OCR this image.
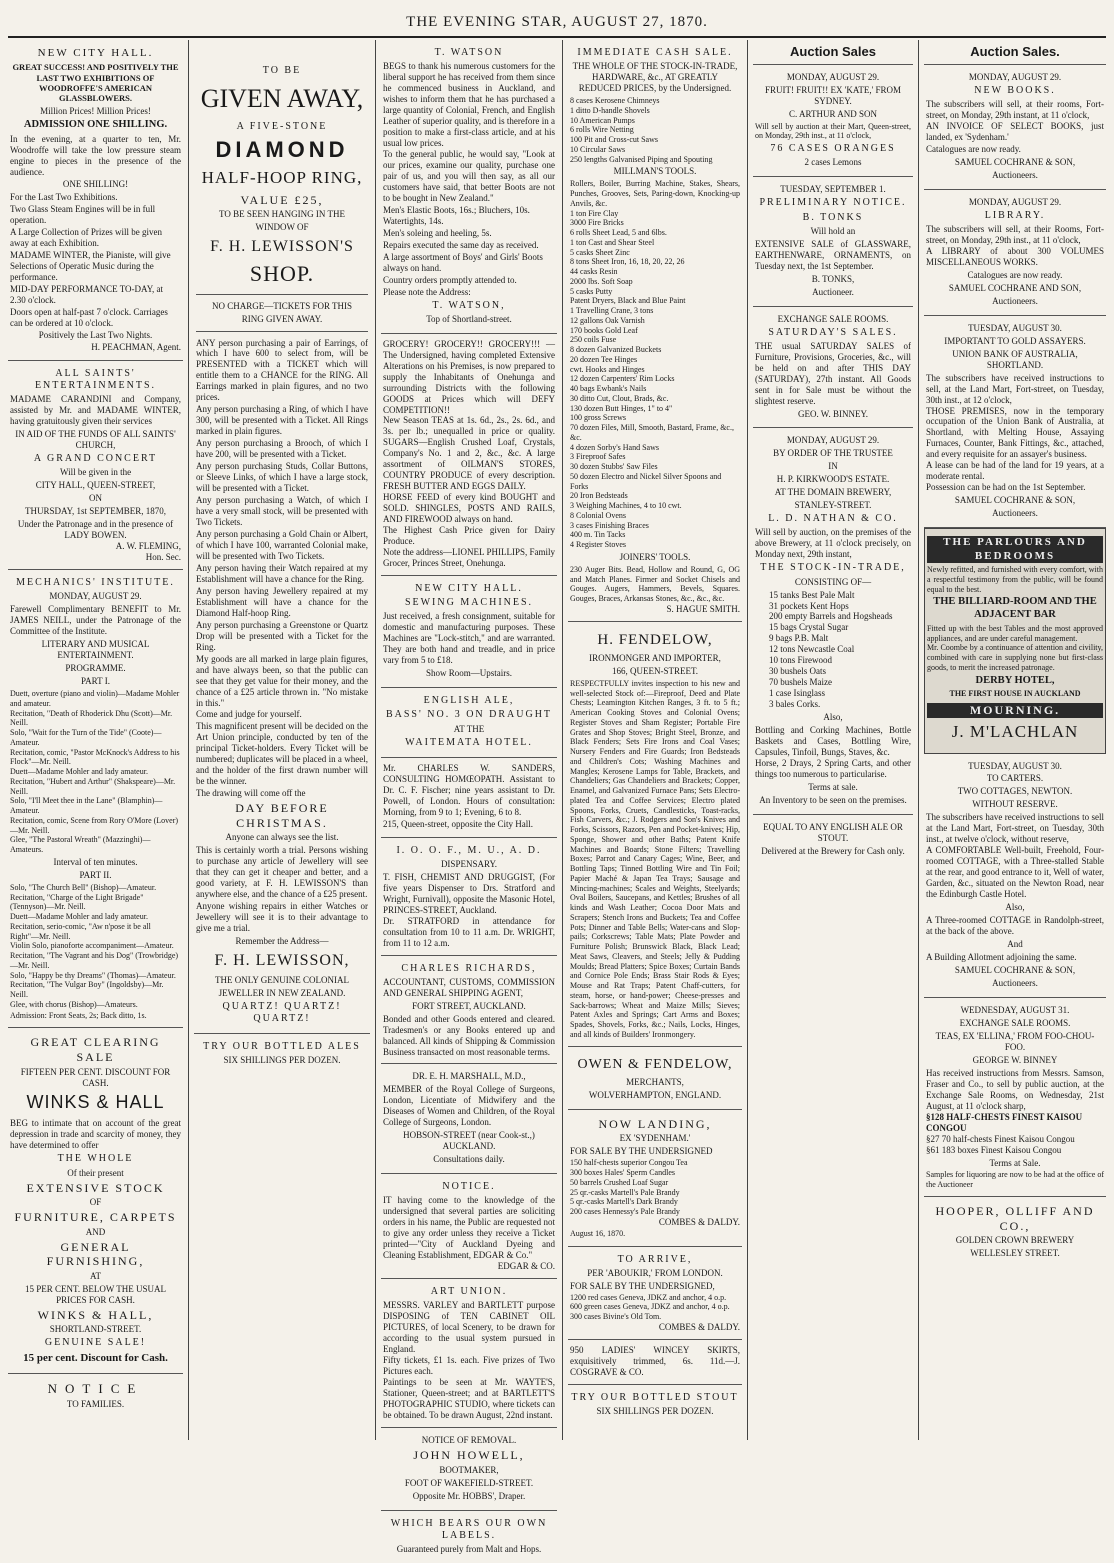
THE EVENING STAR, AUGUST 27, 1870.
NEW CITY HALL.
GREAT SUCCESS! AND POSITIVELY THE LAST TWO EXHIBITIONS OF WOODROFFE'S AMERICAN GLASSBLOWERS.
Million Prices! Million Prices!
ADMISSION ONE SHILLING.
In the evening, at a quarter to ten, Mr. Woodroffe will take the low pressure steam engine to pieces in the presence of the audience.
ONE SHILLING!
For the Last Two Exhibitions.
Two Glass Steam Engines will be in full operation.
A Large Collection of Prizes will be given away at each Exhibition.
MADAME WINTER, the Pianiste, will give Selections of Operatic Music during the performance.
MID-DAY PERFORMANCE TO-DAY, at 2.30 o'clock.
Doors open at half-past 7 o'clock. Carriages can be ordered at 10 o'clock.
Positively the Last Two Nights.
H. PEACHMAN, Agent.
ALL SAINTS' ENTERTAINMENTS.
MADAME CARANDINI and Company, assisted by Mr. and MADAME WINTER, having gratuitously given their services
IN AID OF THE FUNDS OF ALL SAINTS' CHURCH,
A GRAND CONCERT
Will be given in the
CITY HALL, QUEEN-STREET,
ON
THURSDAY, 1st SEPTEMBER, 1870,
Under the Patronage and in the presence of LADY BOWEN.
A. W. FLEMING,
Hon. Sec.
MECHANICS' INSTITUTE.
MONDAY, AUGUST 29.
Farewell Complimentary BENEFIT to Mr. JAMES NEILL, under the Patronage of the Committee of the Institute.
LITERARY AND MUSICAL ENTERTAINMENT.
PROGRAMME.
PART I.
Duett, overture (piano and violin)—Madame Mohler and amateur.
Recitation, "Death of Rhoderick Dhu (Scott)—Mr. Neill.
Solo, "Wait for the Turn of the Tide" (Coote)—Amateur.
Recitation, comic, "Pastor McKnock's Address to his Flock"—Mr. Neill.
Duett—Madame Mohler and lady amateur.
Recitation, "Hubert and Arthur" (Shakspeare)—Mr. Neill.
Solo, "I'll Meet thee in the Lane" (Blamphin)—Amateur.
Recitation, comic, Scene from Rory O'More (Lover)—Mr. Neill.
Glee, "The Pastoral Wreath" (Mazzinghi)—Amateurs.
Interval of ten minutes.
PART II.
Solo, "The Church Bell" (Bishop)—Amateur.
Recitation, "Charge of the Light Brigade" (Tennyson)—Mr. Neill.
Duett—Madame Mohler and lady amateur.
Recitation, serio-comic, "Aw n'pose it be all Right"—Mr. Neill.
Violin Solo, pianoforte accompaniment—Amateur.
Recitation, "The Vagrant and his Dog" (Trowbridge)—Mr. Neill.
Solo, "Happy be thy Dreams" (Thomas)—Amateur.
Recitation, "The Vulgar Boy" (Ingoldsby)—Mr. Neill.
Glee, with chorus (Bishop)—Amateurs.
Admission: Front Seats, 2s; Back ditto, 1s.
GREAT CLEARING SALE
FIFTEEN PER CENT. DISCOUNT FOR CASH.
WINKS & HALL
BEG to intimate that on account of the great depression in trade and scarcity of money, they have determined to offer
THE WHOLE
Of their present
EXTENSIVE STOCK
OF
FURNITURE, CARPETS
AND
GENERAL FURNISHING,
AT
15 PER CENT. BELOW THE USUAL PRICES FOR CASH.
WINKS & HALL,
SHORTLAND-STREET.
GENUINE SALE!
15 per cent. Discount for Cash.
NOTICE
TO FAMILIES.
TO BE
GIVEN AWAY,
A FIVE-STONE
DIAMOND
HALF-HOOP RING,
VALUE £25,
TO BE SEEN HANGING IN THE
WINDOW OF
F. H. LEWISSON'S
SHOP.
NO CHARGE—TICKETS FOR THIS
RING GIVEN AWAY.
ANY person purchasing a pair of Earrings, of which I have 600 to select from, will be PRESENTED with a TICKET which will entitle them to a CHANCE for the RING. All Earrings marked in plain figures, and no two prices.
Any person purchasing a Ring, of which I have 300, will be presented with a Ticket. All Rings marked in plain figures.
Any person purchasing a Brooch, of which I have 200, will be presented with a Ticket.
Any person purchasing Studs, Collar Buttons, or Sleeve Links, of which I have a large stock, will be presented with a Ticket.
Any person purchasing a Watch, of which I have a very small stock, will be presented with Two Tickets.
Any person purchasing a Gold Chain or Albert, of which I have 100, warranted Colonial make, will be presented with Two Tickets.
Any person having their Watch repaired at my Establishment will have a chance for the Ring.
Any person having Jewellery repaired at my Establishment will have a chance for the Diamond Half-hoop Ring.
Any person purchasing a Greenstone or Quartz Drop will be presented with a Ticket for the Ring.
My goods are all marked in large plain figures, and have always been, so that the public can see that they get value for their money, and the chance of a £25 article thrown in. "No mistake in this."
Come and judge for yourself.
This magnificent present will be decided on the Art Union principle, conducted by ten of the principal Ticket-holders. Every Ticket will be numbered; duplicates will be placed in a wheel, and the holder of the first drawn number will be the winner.
The drawing will come off the
DAY BEFORE CHRISTMAS.
Anyone can always see the list.
This is certainly worth a trial. Persons wishing to purchase any article of Jewellery will see that they can get it cheaper and better, and a good variety, at F. H. LEWISSON'S than anywhere else, and the chance of a £25 present.
Anyone wishing repairs in either Watches or Jewellery will see it is to their advantage to give me a trial.
Remember the Address—
F. H. LEWISSON,
THE ONLY GENUINE COLONIAL
JEWELLER IN NEW ZEALAND.
QUARTZ! QUARTZ! QUARTZ!
TRY OUR BOTTLED ALES
SIX SHILLINGS PER DOZEN.
T. WATSON
BEGS to thank his numerous customers for the liberal support he has received from them since he commenced business in Auckland, and wishes to inform them that he has purchased a large quantity of Colonial, French, and English Leather of superior quality, and is therefore in a position to make a first-class article, and at his usual low prices.
To the general public, he would say, "Look at our prices, examine our quality, purchase one pair of us, and you will then say, as all our customers have said, that better Boots are not to be bought in New Zealand."
Men's Elastic Boots, 16s.; Bluchers, 10s. Watertights, 14s.
Men's soleing and heeling, 5s.
Repairs executed the same day as received.
A large assortment of Boys' and Girls' Boots always on hand.
Country orders promptly attended to.
Please note the Address:
T. WATSON,
Top of Shortland-street.
GROCERY! GROCERY!! GROCERY!!! —The Undersigned, having completed Extensive Alterations on his Premises, is now prepared to supply the Inhabitants of Onehunga and surrounding Districts with the following GOODS at Prices which will DEFY COMPETITION!!
New Season TEAS at 1s. 6d., 2s., 2s. 6d., and 3s. per lb.; unequalled in price or quality. SUGARS—English Crushed Loaf, Crystals, Company's No. 1 and 2, &c., &c. A large assortment of OILMAN'S STORES, COUNTRY PRODUCE of every description. FRESH BUTTER AND EGGS DAILY.
HORSE FEED of every kind BOUGHT and SOLD. SHINGLES, POSTS AND RAILS, AND FIREWOOD always on hand.
The Highest Cash Price given for Dairy Produce.
Note the address—LIONEL PHILLIPS, Family Grocer, Princes Street, Onehunga.
NEW CITY HALL.
SEWING MACHINES.
Just received, a fresh consignment, suitable for domestic and manufacturing purposes. These Machines are "Lock-stitch," and are warranted. They are both hand and treadle, and in price vary from 5 to £18.
Show Room—Upstairs.
ENGLISH ALE,
BASS' NO. 3 ON DRAUGHT
AT THE
WAITEMATA HOTEL.
Mr. CHARLES W. SANDERS, CONSULTING HOMŒOPATH. Assistant to Dr. C. F. Fischer; nine years assistant to Dr. Powell, of London. Hours of consultation: Morning, from 9 to 1; Evening, 6 to 8.
215, Queen-street, opposite the City Hall.
I. O. O. F., M. U., A. D.
DISPENSARY.
T. FISH, CHEMIST AND DRUGGIST, (For five years Dispenser to Drs. Stratford and Wright, Furnivall), opposite the Masonic Hotel, PRINCES-STREET, Auckland.
Dr. STRATFORD in attendance for consultation from 10 to 11 a.m. Dr. WRIGHT, from 11 to 12 a.m.
CHARLES RICHARDS,
ACCOUNTANT, CUSTOMS, COMMISSION AND GENERAL SHIPPING AGENT,
FORT STREET, AUCKLAND.
Bonded and other Goods entered and cleared. Tradesmen's or any Books entered up and balanced. All kinds of Shipping & Commission Business transacted on most reasonable terms.
DR. E. H. MARSHALL, M.D.,
MEMBER of the Royal College of Surgeons, London, Licentiate of Midwifery and the Diseases of Women and Children, of the Royal College of Surgeons, London.
HOBSON-STREET (near Cook-st.,) AUCKLAND.
Consultations daily.
NOTICE.
IT having come to the knowledge of the undersigned that several parties are soliciting orders in his name, the Public are requested not to give any order unless they receive a Ticket printed—"City of Auckland Dyeing and Cleaning Establishment, EDGAR & Co."
EDGAR & CO.
ART UNION.
MESSRS. VARLEY and BARTLETT purpose DISPOSING of TEN CABINET OIL PICTURES, of local Scenery, to be drawn for according to the usual system pursued in England.
Fifty tickets, £1 1s. each. Five prizes of Two Pictures each.
Paintings to be seen at Mr. WAYTE'S, Stationer, Queen-street; and at BARTLETT'S PHOTOGRAPHIC STUDIO, where tickets can be obtained. To be drawn August, 22nd instant.
NOTICE OF REMOVAL.
JOHN HOWELL,
BOOTMAKER,
FOOT OF WAKEFIELD-STREET.
Opposite Mr. HOBBS', Draper.
WHICH BEARS OUR OWN LABELS.
Guaranteed purely from Malt and Hops.
IMMEDIATE CASH SALE.
THE WHOLE OF THE STOCK-IN-TRADE, HARDWARE, &c., AT GREATLY REDUCED PRICES, by the Undersigned.
8 cases Kerosene Chimneys
1 ditto D-handle Shovels
10 American Pumps
6 rolls Wire Netting
100 Pit and Cross-cut Saws
10 Circular Saws
250 lengths Galvanised Piping and Spouting
MILLMAN'S TOOLS.
Rollers, Boiler, Burring Machine, Stakes, Shears, Punches, Grooves, Sets, Paring-down, Knocking-up Anvils, &c.
1 ton Fire Clay
3000 Fire Bricks
6 rolls Sheet Lead, 5 and 6lbs.
1 ton Cast and Shear Steel
5 casks Sheet Zinc
8 tons Sheet Iron, 16, 18, 20, 22, 26
44 casks Resin
2000 lbs. Soft Soap
5 casks Putty
Patent Dryers, Black and Blue Paint
1 Travelling Crane, 3 tons
12 gallons Oak Varnish
170 books Gold Leaf
250 coils Fuse
8 dozen Galvanized Buckets
20 dozen Tee Hinges
cwt. Hooks and Hinges
12 dozen Carpenters' Rim Locks
40 bags Ewbank's Nails
30 ditto Cut, Clout, Brads, &c.
130 dozen Butt Hinges, 1" to 4"
100 gross Screws
70 dozen Files, Mill, Smooth, Bastard, Frame, &c., &c.
4 dozen Sorby's Hand Saws
3 Fireproof Safes
30 dozen Stubbs' Saw Files
50 dozen Electro and Nickel Silver Spoons and Forks
20 Iron Bedsteads
3 Weighing Machines, 4 to 10 cwt.
8 Colonial Ovens
3 cases Finishing Braces
400 m. Tin Tacks
4 Register Stoves
JOINERS' TOOLS.
230 Auger Bits. Bead, Hollow and Round, G, OG and Match Planes. Firmer and Socket Chisels and Gouges. Augers, Hammers, Bevels, Squares. Gouges, Braces, Arkansas Stones, &c., &c., &c.
S. HAGUE SMITH.
H. FENDELOW,
IRONMONGER AND IMPORTER,
166, QUEEN-STREET.
RESPECTFULLY invites inspection to his new and well-selected Stock of:—Fireproof, Deed and Plate Chests; Leamington Kitchen Ranges, 3 ft. to 5 ft.; American Cooking Stoves and Colonial Ovens; Register Stoves and Sham Register; Portable Fire Grates and Shop Stoves; Bright Steel, Bronze, and Black Fenders; Sets Fire Irons and Coal Vases; Nursery Fenders and Fire Guards; Iron Bedsteads and Children's Cots; Washing Machines and Mangles; Kerosene Lamps for Table, Brackets, and Chandeliers; Gas Chandeliers and Brackets; Copper, Enamel, and Galvanized Furnace Pans; Sets Electro-plated Tea and Coffee Services; Electro plated Spoons, Forks, Cruets, Candlesticks, Toast-racks, Fish Carvers, &c.; J. Rodgers and Son's Knives and Forks, Scissors, Razors, Pen and Pocket-knives; Hip, Sponge, Shower and other Baths; Patent Knife Machines and Boards; Stone Filters; Travelling Boxes; Parrot and Canary Cages; Wine, Beer, and Bottling Taps; Tinned Bottling Wire and Tin Foil; Papier Maché & Japan Tea Trays; Sausage and Mincing-machines; Scales and Weights, Steelyards; Oval Boilers, Saucepans, and Kettles; Brushes of all kinds and Wash Leather; Cocoa Door Mats and Scrapers; Stench Irons and Buckets; Tea and Coffee Pots; Dinner and Table Bells; Water-cans and Slop-pails; Corkscrews; Table Mats; Plate Powder and Furniture Polish; Brunswick Black, Black Lead; Meat Saws, Cleavers, and Steels; Jelly & Pudding Moulds; Bread Platters; Spice Boxes; Curtain Bands and Cornice Pole Ends; Brass Stair Rods & Eyes; Mouse and Rat Traps; Patent Chaff-cutters, for steam, horse, or hand-power; Cheese-presses and Sack-barrows; Wheat and Maize Mills; Sieves; Patent Axles and Springs; Cart Arms and Boxes; Spades, Shovels, Forks, &c.; Nails, Locks, Hinges, and all kinds of Builders' Ironmongery.
OWEN & FENDELOW,
MERCHANTS,
WOLVERHAMPTON, ENGLAND.
NOW LANDING,
EX 'SYDENHAM.'
FOR SALE BY THE UNDERSIGNED
150 half-chests superior Congou Tea
300 boxes Hales' Sperm Candles
50 barrels Crushed Loaf Sugar
25 qr.-casks Martell's Pale Brandy
5 qr.-casks Martell's Dark Brandy
200 cases Hennessy's Pale Brandy
COMBES & DALDY.
August 16, 1870.
TO ARRIVE,
PER 'ABOUKIR,' FROM LONDON.
FOR SALE BY THE UNDERSIGNED,
1200 red cases Geneva, JDKZ and anchor, 4 o.p.
600 green cases Geneva, JDKZ and anchor, 4 o.p.
300 cases Bivine's Old Tom.
COMBES & DALDY.
950 LADIES' WINCEY SKIRTS, exquisitively trimmed, 6s. 11d.—J. COSGRAVE & CO.
TRY OUR BOTTLED STOUT
SIX SHILLINGS PER DOZEN.
Auction Sales
MONDAY, AUGUST 29.
FRUIT! FRUIT!! EX 'KATE,' FROM SYDNEY.
C. ARTHUR AND SON
Will sell by auction at their Mart, Queen-street, on Monday, 29th inst., at 11 o'clock,
76 CASES ORANGES
2 cases Lemons
TUESDAY, SEPTEMBER 1.
PRELIMINARY NOTICE.
B. TONKS
Will hold an
EXTENSIVE SALE of GLASSWARE, EARTHENWARE, ORNAMENTS, on Tuesday next, the 1st September.
B. TONKS,
Auctioneer.
EXCHANGE SALE ROOMS.
SATURDAY'S SALES.
THE usual SATURDAY SALES of Furniture, Provisions, Groceries, &c., will be held on and after THIS DAY (SATURDAY), 27th instant. All Goods sent in for Sale must be without the slightest reserve.
GEO. W. BINNEY.
MONDAY, AUGUST 29.
BY ORDER OF THE TRUSTEE
IN
H. P. KIRKWOOD'S ESTATE.
AT THE DOMAIN BREWERY,
STANLEY-STREET.
L. D. NATHAN & CO.
Will sell by auction, on the premises of the above Brewery, at 11 o'clock precisely, on Monday next, 29th instant,
THE STOCK-IN-TRADE,
CONSISTING OF—
15 tanks Best Pale Malt
31 pockets Kent Hops
200 empty Barrels and Hogsheads
15 bags Crystal Sugar
9 bags P.B. Malt
12 tons Newcastle Coal
10 tons Firewood
30 bushels Oats
70 bushels Maize
1 case Isinglass
3 bales Corks.
Also,
Bottling and Corking Machines, Bottle Baskets and Cases, Bottling Wire, Capsules, Tinfoil, Bungs, Staves, &c.
Horse, 2 Drays, 2 Spring Carts, and other things too numerous to particularise.
Terms at sale.
An Inventory to be seen on the premises.
EQUAL TO ANY ENGLISH ALE OR STOUT.
Delivered at the Brewery for Cash only.
Auction Sales.
MONDAY, AUGUST 29.
NEW BOOKS.
The subscribers will sell, at their rooms, Fort-street, on Monday, 29th instant, at 11 o'clock,
AN INVOICE OF SELECT BOOKS, just landed, ex 'Sydenham.'
Catalogues are now ready.
SAMUEL COCHRANE & SON,
Auctioneers.
MONDAY, AUGUST 29.
LIBRARY.
The subscribers will sell, at their Rooms, Fort-street, on Monday, 29th inst., at 11 o'clock,
A LIBRARY of about 300 VOLUMES MISCELLANEOUS WORKS.
Catalogues are now ready.
SAMUEL COCHRANE AND SON,
Auctioneers.
TUESDAY, AUGUST 30.
IMPORTANT TO GOLD ASSAYERS.
UNION BANK OF AUSTRALIA, SHORTLAND.
The subscribers have received instructions to sell, at the Land Mart, Fort-street, on Tuesday, 30th inst., at 12 o'clock,
THOSE PREMISES, now in the temporary occupation of the Union Bank of Australia, at Shortland, with Melting House, Assaying Furnaces, Counter, Bank Fittings, &c., attached, and every requisite for an assayer's business.
A lease can be had of the land for 19 years, at a moderate rental.
Possession can be had on the 1st September.
SAMUEL COCHRANE & SON,
Auctioneers.
THE PARLOURS AND BEDROOMS
Newly refitted, and furnished with every comfort, with a respectful testimony from the public, will be found equal to the best.
THE BILLIARD-ROOM AND THE ADJACENT BAR
Fitted up with the best Tables and the most approved appliances, and are under careful management.
Mr. Coombe by a continuance of attention and civility, combined with care in supplying none but first-class goods, to merit the increased patronage.
DERBY HOTEL,
THE FIRST HOUSE IN AUCKLAND
MOURNING.
J. M'LACHLAN
TUESDAY, AUGUST 30.
TO CARTERS.
TWO COTTAGES, NEWTON.
WITHOUT RESERVE.
The subscribers have received instructions to sell at the Land Mart, Fort-street, on Tuesday, 30th inst., at twelve o'clock, without reserve,
A COMFORTABLE Well-built, Freehold, Four-roomed COTTAGE, with a Three-stalled Stable at the rear, and good entrance to it, Well of water, Garden, &c., situated on the Newton Road, near the Edinburgh Castle Hotel.
Also,
A Three-roomed COTTAGE in Randolph-street, at the back of the above.
And
A Building Allotment adjoining the same.
SAMUEL COCHRANE & SON,
Auctioneers.
WEDNESDAY, AUGUST 31.
EXCHANGE SALE ROOMS.
TEAS, EX 'ELLINA,' FROM FOO-CHOU-FOO.
GEORGE W. BINNEY
Has received instructions from Messrs. Samson, Fraser and Co., to sell by public auction, at the Exchange Sale Rooms, on Wednesday, 21st August, at 11 o'clock sharp,
§128 HALF-CHESTS FINEST KAISOU CONGOU
§27 70 half-chests Finest Kaisou Congou
§61 183 boxes Finest Kaisou Congou
Terms at Sale.
Samples for liquoring are now to be had at the office of the Auctioneer
HOOPER, OLLIFF AND CO.,
GOLDEN CROWN BREWERY
WELLESLEY STREET.
